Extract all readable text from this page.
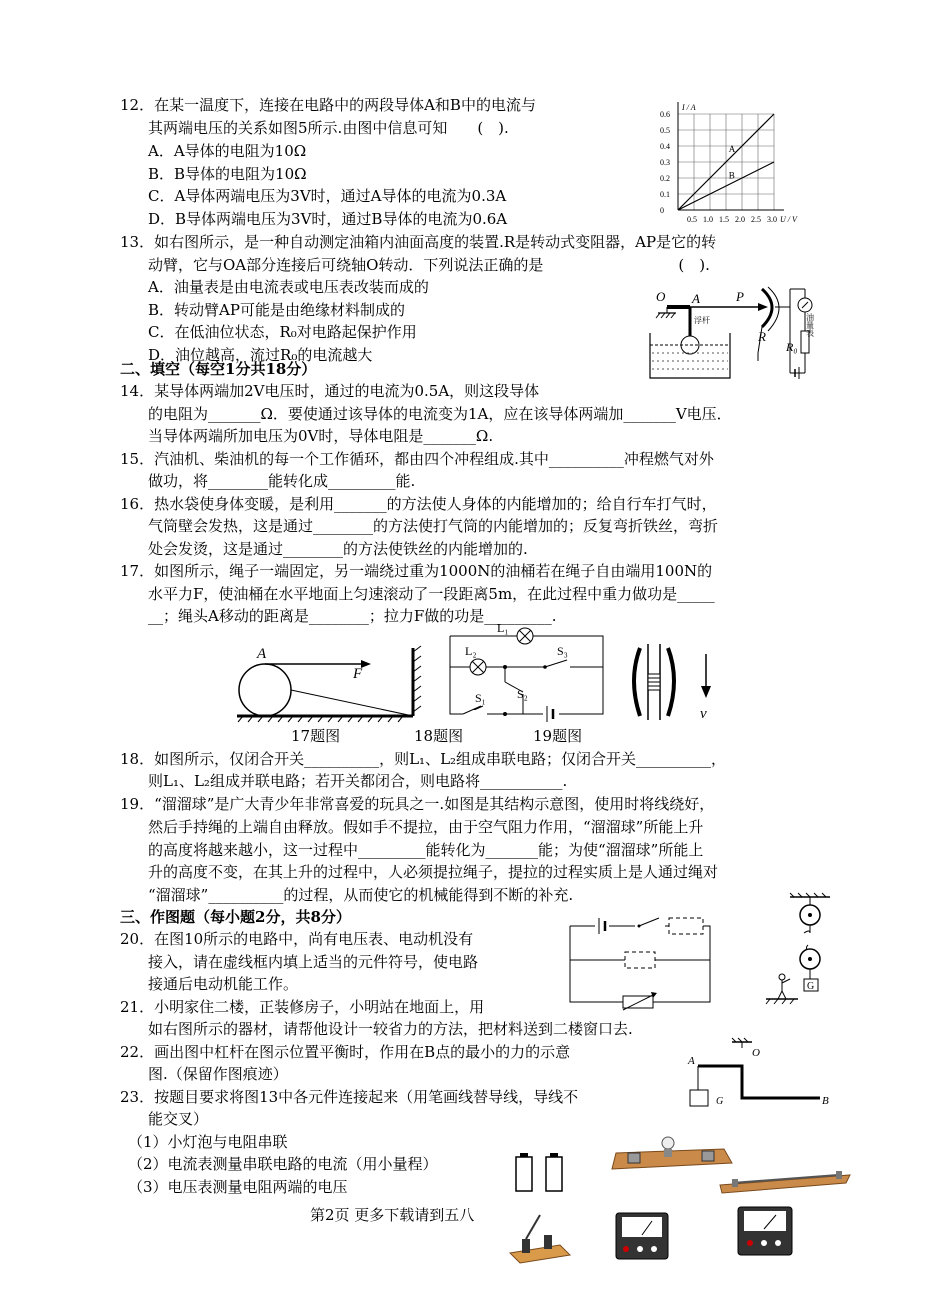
12．在某一温度下，连接在电路中的两段导体A和B中的电流与
其两端电压的关系如图5所示.由图中信息可知　　(　).
A．A导体的电阻为10Ω
B．B导体的电阻为10Ω
C．A导体两端电压为3V时，通过A导体的电流为0.3A
D．B导体两端电压为3V时，通过B导体的电流为0.6A
A
B
0.6
0.5
0.4
0.3
0.2
0.1
0
0.5 1.0 1.5 2.0 2.5 3.0
I / A
U / V
13．如右图所示，是一种自动测定油箱内油面高度的装置.R是转动式变阻器，AP是它的转
动臂，它与OA部分连接后可绕轴O转动．下列说法正确的是　　　　　　　　　(　).
A．油量表是由电流表或电压表改装而成的
B．转动臂AP可能是由绝缘材料制成的
C．在低油位状态，R₀对电路起保护作用
D．油位越高，流过R₀的电流越大
O A	P
R
R₀
浮杆	油量表
二、填空（每空1分共18分）
14．某导体两端加2V电压时，通过的电流为0.5A，则这段导体
的电阻为_______Ω．要使通过该导体的电流变为1A，应在该导体两端加_______V电压．
当导体两端所加电压为0V时，导体电阻是_______Ω.
15．汽油机、柴油机的每一个工作循环，都由四个冲程组成.其中__________冲程燃气对外
做功，将________能转化成_________能.
16．热水袋使身体变暖，是利用_______的方法使人身体的内能增加的；给自行车打气时，
气筒壁会发热，这是通过________的方法使打气筒的内能增加的；反复弯折铁丝，弯折
处会发烫，这是通过________的方法使铁丝的内能增加的.
17．如图所示，绳子一端固定，另一端绕过重为1000N的油桶若在绳子自由端用100N的
水平力F，使油桶在水平地面上匀速滚动了一段距离5m，在此过程中重力做功是_____
__；绳头A移动的距离是________；拉力F做的功是_________.
A
F
L₁
L₂
S₁	S₂
S₃
v
17题图	18题图	19题图
18．如图所示，仅闭合开关__________，则L₁、L₂组成串联电路；仅闭合开关__________，
则L₁、L₂组成并联电路；若开关都闭合，则电路将___________.
19．“溜溜球”是广大青少年非常喜爱的玩具之一.如图是其结构示意图，使用时将线绕好，
然后手持绳的上端自由释放。假如手不提拉，由于空气阻力作用，“溜溜球”所能上升
的高度将越来越小，这一过程中_________能转化为_______能；为使“溜溜球”所能上
升的高度不变，在其上升的过程中，人必须提拉绳子，提拉的过程实质上是人通过绳对
“溜溜球”__________的过程，从而使它的机械能得到不断的补充.
三、作图题（每小题2分，共8分）
20．在图10所示的电路中，尚有电压表、电动机没有
接入，请在虚线框内填上适当的元件符号，使电路
接通后电动机能工作。	G
21．小明家住二楼，正装修房子，小明站在地面上，用
如右图所示的器材，请帮他设计一较省力的方法，把材料送到二楼窗口去.
22．画出图中杠杆在图示位置平衡时，作用在B点的最小的力的示意
图.（保留作图痕迹）
G
A
O
B
23．按题目要求将图13中各元件连接起来（用笔画线替导线，导线不
能交叉）
（1）小灯泡与电阻串联
（2）电流表测量串联电路的电流（用小量程）
（3）电压表测量电阻两端的电压
第2页 更多下载请到五八
